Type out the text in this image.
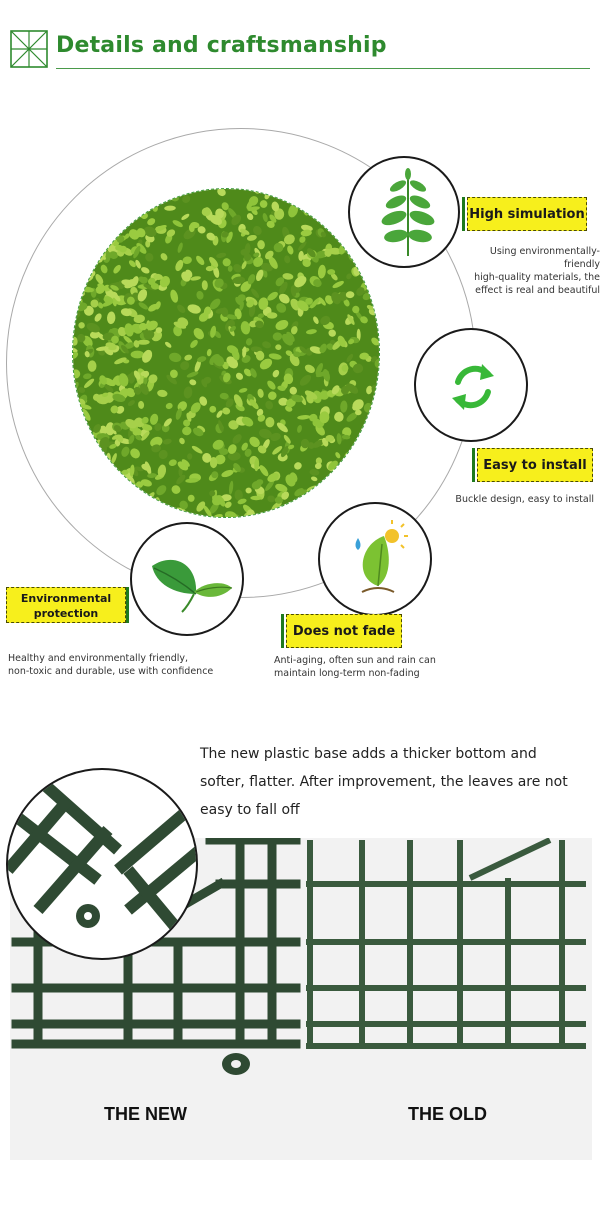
Details and craftsmanship
High simulation
Using environmentally-friendly
high-quality materials, the
effect is real and beautiful
Easy to install
Buckle design, easy to install
Does not fade
Anti-aging, often sun and rain can
maintain long-term non-fading
Environmental
protection
Healthy and environmentally friendly,
non-toxic and durable, use with confidence
The new plastic base adds a thicker bottom and softer, flatter. After improvement, the leaves are not easy to fall off
THE NEW	THE OLD
